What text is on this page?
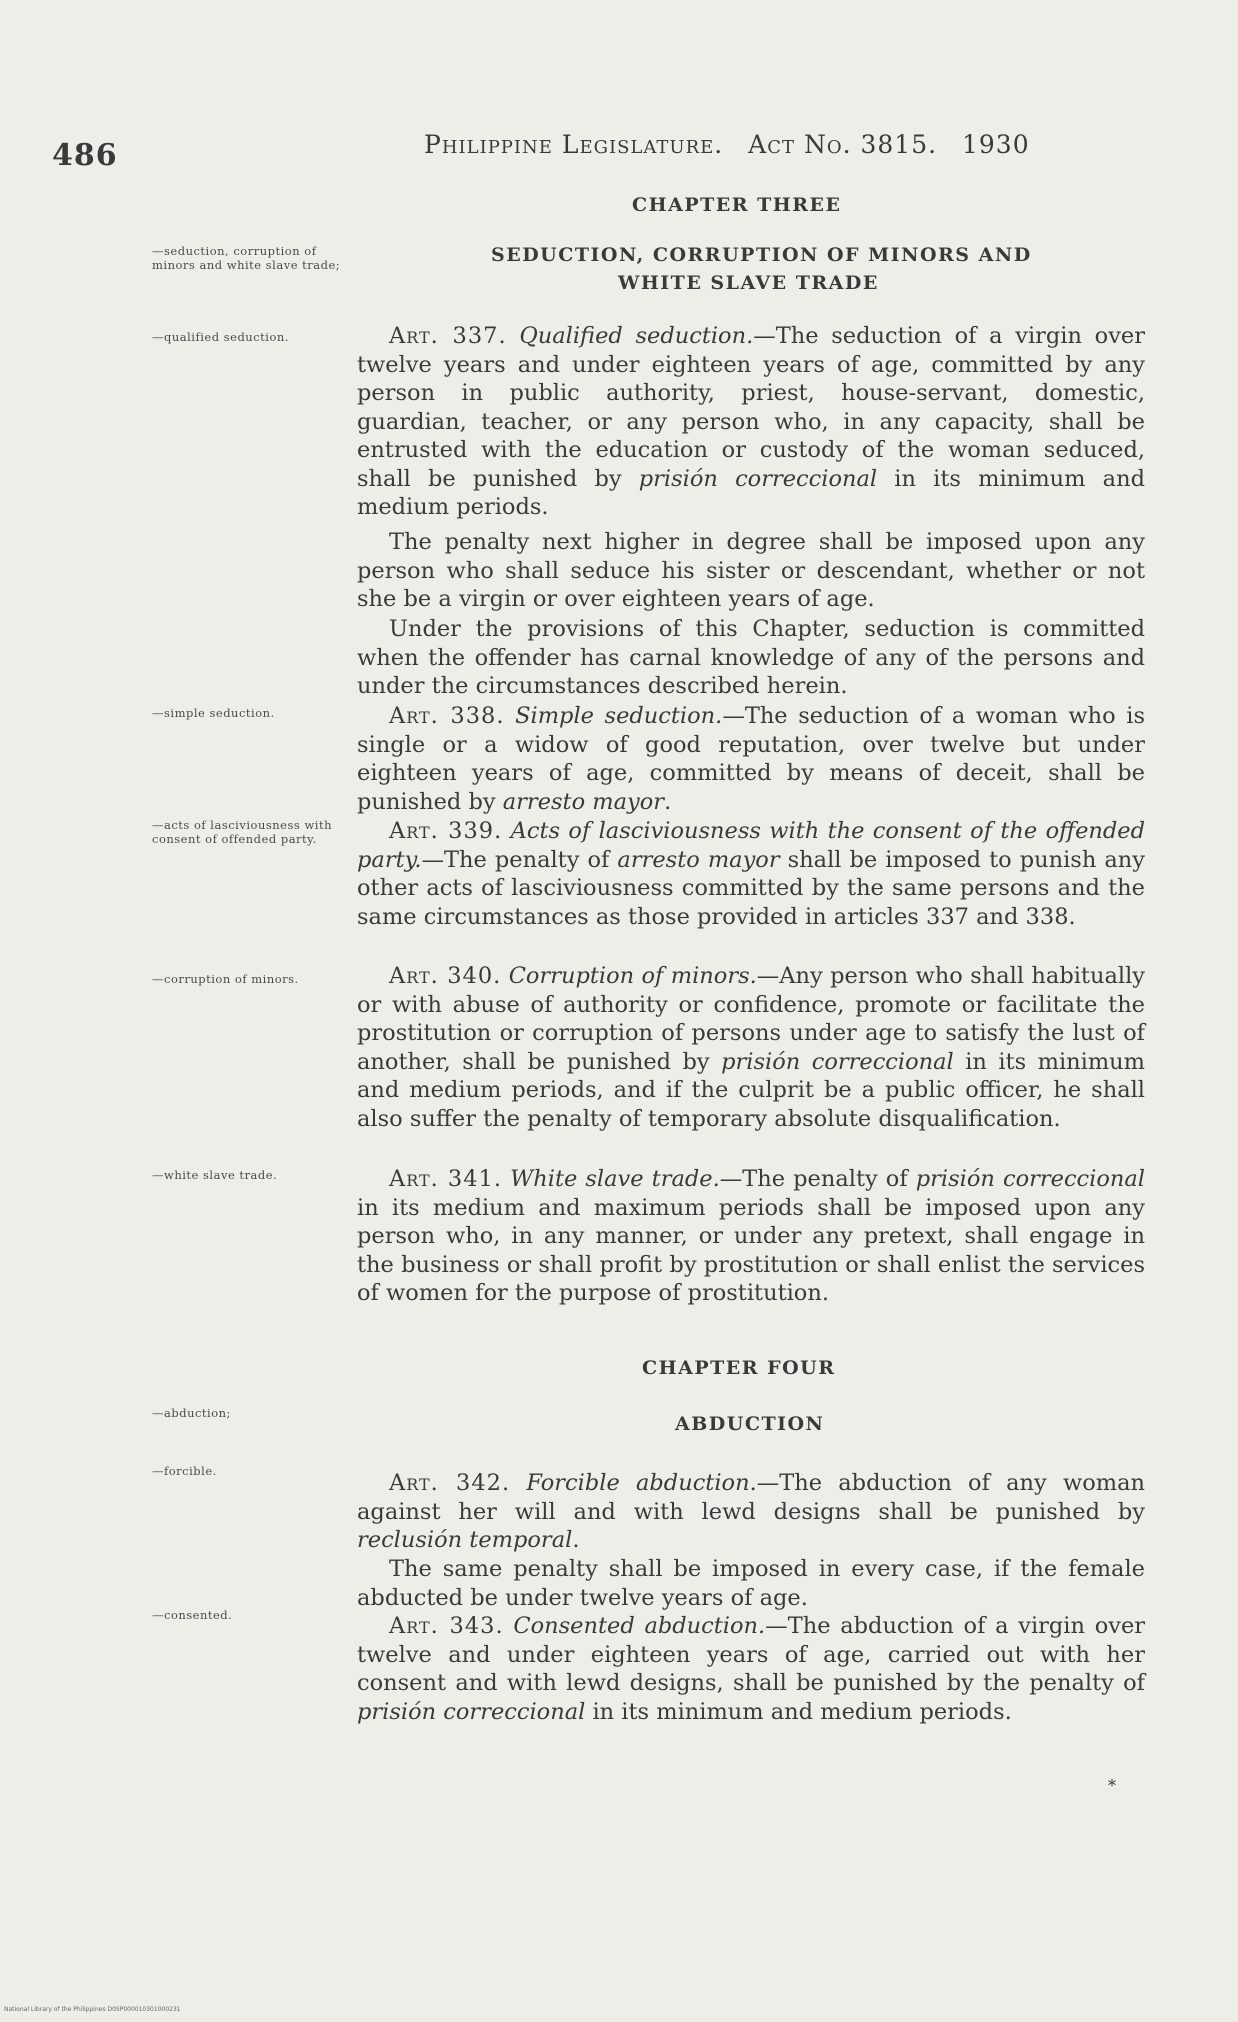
486	Philippine Legislature. Act No. 3815. 1930
CHAPTER THREE
SEDUCTION, CORRUPTION OF MINORS AND
WHITE SLAVE TRADE
—seduction, corruption of minors and white slave trade;
—qualified seduction.
—simple seduction.
—acts of lasciviousness with consent of offended party.
—corruption of minors.
—white slave trade.
—abduction;
—forcible.
—consented.

Art. 337. Qualified seduction.—The seduction of a virgin over twelve years and under eighteen years of age, committed by any person in public authority, priest, house-servant, domestic, guardian, teacher, or any person who, in any capacity, shall be entrusted with the education or custody of the woman seduced, shall be punished by prisión correccional in its minimum and medium periods.

The penalty next higher in degree shall be imposed upon any person who shall seduce his sister or descendant, whether or not she be a virgin or over eighteen years of age.

Under the provisions of this Chapter, seduction is committed when the offender has carnal knowledge of any of the persons and under the circumstances described herein.

Art. 338. Simple seduction.—The seduction of a woman who is single or a widow of good reputation, over twelve but under eighteen years of age, committed by means of deceit, shall be punished by arresto mayor.

Art. 339. Acts of lasciviousness with the consent of the offended party.—The penalty of arresto mayor shall be imposed to punish any other acts of lasciviousness committed by the same persons and the same circumstances as those provided in articles 337 and 338.

Art. 340. Corruption of minors.—Any person who shall habitually or with abuse of authority or confidence, promote or facilitate the prostitution or corruption of persons under age to satisfy the lust of another, shall be punished by prisión correccional in its minimum and medium periods, and if the culprit be a public officer, he shall also suffer the penalty of temporary absolute disqualification.

Art. 341. White slave trade.—The penalty of prisión correccional in its medium and maximum periods shall be imposed upon any person who, in any manner, or under any pretext, shall engage in the business or shall profit by prostitution or shall enlist the services of women for the purpose of prostitution.

CHAPTER FOUR
ABDUCTION

Art. 342. Forcible abduction.—The abduction of any woman against her will and with lewd designs shall be punished by reclusión temporal.

The same penalty shall be imposed in every case, if the female abducted be under twelve years of age.

Art. 343. Consented abduction.—The abduction of a virgin over twelve and under eighteen years of age, carried out with her consent and with lewd designs, shall be punished by the penalty of prisión correccional in its minimum and medium periods.

*
National Library of the Philippines D0SP000010301000231
